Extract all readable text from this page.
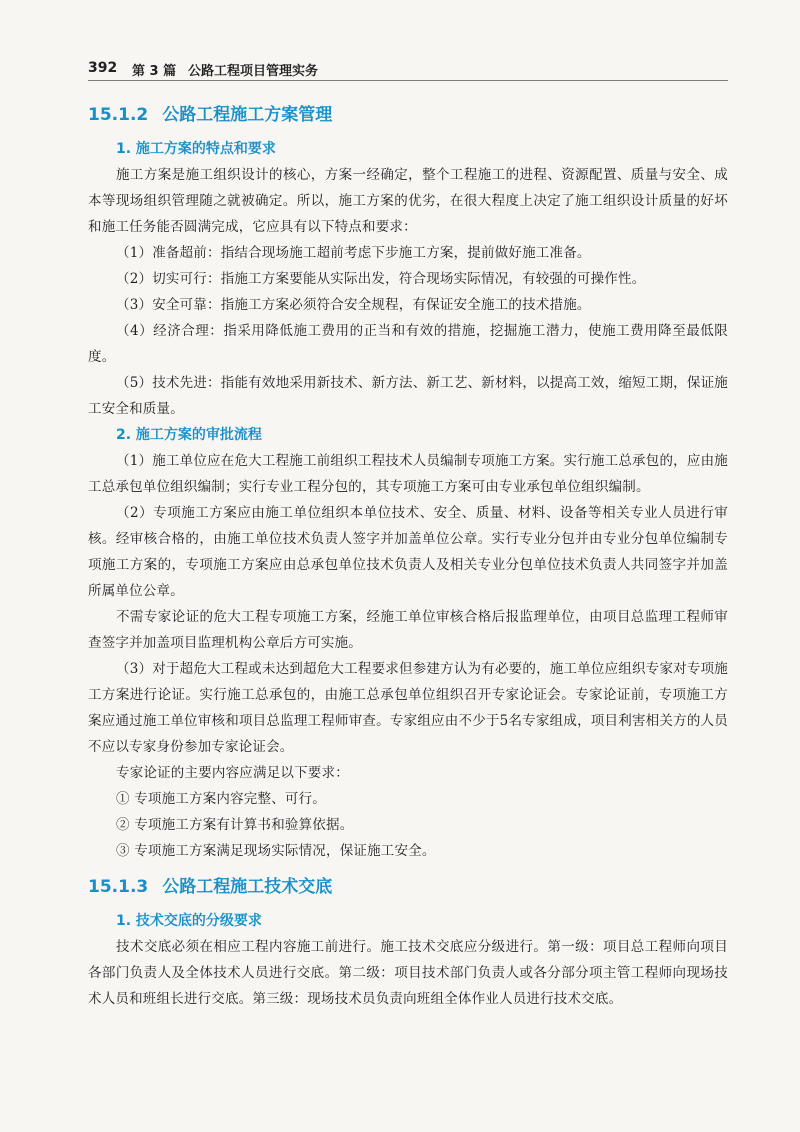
392 第 3 篇 公路工程项目管理实务
15.1.2 公路工程施工方案管理
1. 施工方案的特点和要求

施工方案是施工组织设计的核心，方案一经确定，整个工程施工的进程、资源配置、质量与安全、成本等现场组织管理随之就被确定。所以，施工方案的优劣，在很大程度上决定了施工组织设计质量的好坏和施工任务能否圆满完成，它应具有以下特点和要求：

（1）准备超前：指结合现场施工超前考虑下步施工方案，提前做好施工准备。

（2）切实可行：指施工方案要能从实际出发，符合现场实际情况，有较强的可操作性。

（3）安全可靠：指施工方案必须符合安全规程，有保证安全施工的技术措施。

（4）经济合理：指采用降低施工费用的正当和有效的措施，挖掘施工潜力，使施工费用降至最低限度。

（5）技术先进：指能有效地采用新技术、新方法、新工艺、新材料，以提高工效，缩短工期，保证施工安全和质量。

2. 施工方案的审批流程

（1）施工单位应在危大工程施工前组织工程技术人员编制专项施工方案。实行施工总承包的，应由施工总承包单位组织编制；实行专业工程分包的，其专项施工方案可由专业承包单位组织编制。

（2）专项施工方案应由施工单位组织本单位技术、安全、质量、材料、设备等相关专业人员进行审核。经审核合格的，由施工单位技术负责人签字并加盖单位公章。实行专业分包并由专业分包单位编制专项施工方案的，专项施工方案应由总承包单位技术负责人及相关专业分包单位技术负责人共同签字并加盖所属单位公章。

不需专家论证的危大工程专项施工方案，经施工单位审核合格后报监理单位，由项目总监理工程师审查签字并加盖项目监理机构公章后方可实施。

（3）对于超危大工程或未达到超危大工程要求但参建方认为有必要的，施工单位应组织专家对专项施工方案进行论证。实行施工总承包的，由施工总承包单位组织召开专家论证会。专家论证前，专项施工方案应通过施工单位审核和项目总监理工程师审查。专家组应由不少于5名专家组成，项目利害相关方的人员不应以专家身份参加专家论证会。

专家论证的主要内容应满足以下要求：

① 专项施工方案内容完整、可行。

② 专项施工方案有计算书和验算依据。

③ 专项施工方案满足现场实际情况，保证施工安全。

15.1.3 公路工程施工技术交底
1. 技术交底的分级要求

技术交底必须在相应工程内容施工前进行。施工技术交底应分级进行。第一级：项目总工程师向项目各部门负责人及全体技术人员进行交底。第二级：项目技术部门负责人或各分部分项主管工程师向现场技术人员和班组长进行交底。第三级：现场技术员负责向班组全体作业人员进行技术交底。
